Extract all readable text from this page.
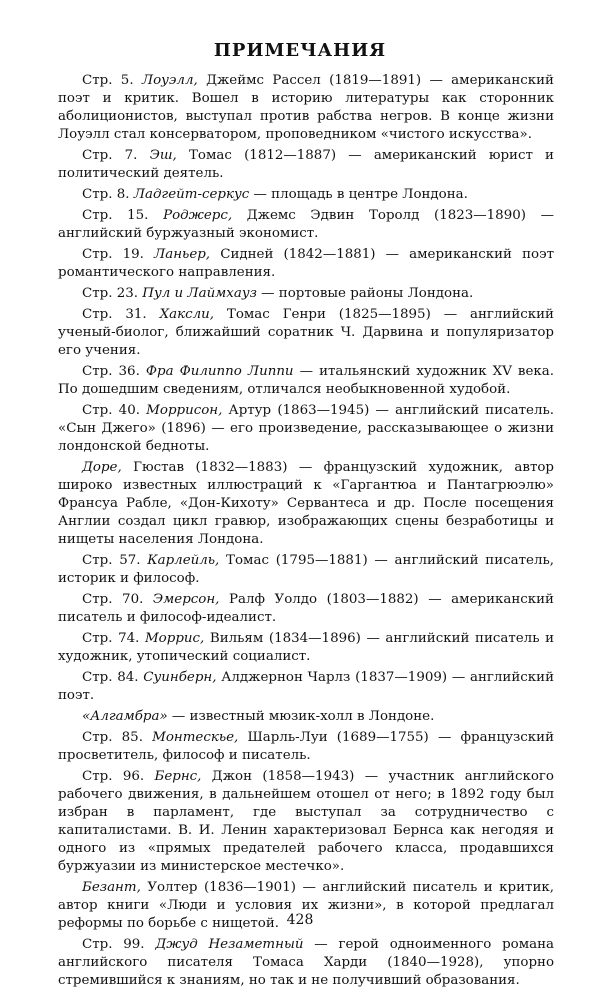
ПРИМЕЧАНИЯ

Стр. 5. Лоуэлл, Джеймс Рассел (1819—1891) — американский поэт и критик. Вошел в историю литературы как сторонник аболиционистов, выступал против рабства негров. В конце жизни Лоуэлл стал консерватором, проповедником «чистого искусства».

Стр. 7. Эш, Томас (1812—1887) — американский юрист и политический деятель.

Стр. 8. Ладгейт-серкус — площадь в центре Лондона.

Стр. 15. Роджерс, Джемс Эдвин Торолд (1823—1890) — английский буржуазный экономист.

Стр. 19. Ланьер, Сидней (1842—1881) — американский поэт романтического направления.

Стр. 23. Пул и Лаймхауз — портовые районы Лондона.

Стр. 31. Хаксли, Томас Генри (1825—1895) — английский ученый-биолог, ближайший соратник Ч. Дарвина и популяризатор его учения.

Стр. 36. Фра Филиппо Липпи — итальянский художник XV века. По дошедшим сведениям, отличался необыкновенной худобой.

Стр. 40. Моррисон, Артур (1863—1945) — английский писатель. «Сын Джего» (1896) — его произведение, рассказывающее о жизни лондонской бедноты.

Доре, Гюстав (1832—1883) — французский художник, автор широко известных иллюстраций к «Гаргантюа и Пантагрюэлю» Франсуа Рабле, «Дон-Кихоту» Сервантеса и др. После посещения Англии создал цикл гравюр, изображающих сцены безрабoтицы и нищеты населения Лондона.

Стр. 57. Карлейль, Томас (1795—1881) — английский писатель, историк и философ.

Стр. 70. Эмерсон, Ралф Уолдо (1803—1882) — американский писатель и философ-идеалист.

Стр. 74. Моррис, Вильям (1834—1896) — английский писатель и художник, утопический социалист.

Стр. 84. Суинберн, Алджернон Чарлз (1837—1909) — английский поэт.

«Алгамбра» — известный мюзик-холл в Лондоне.

Стр. 85. Монтескье, Шарль-Луи (1689—1755) — французский просветитель, философ и писатель.

Стр. 96. Бернс, Джон (1858—1943) — участник английского рабочего движения, в дальнейшем отошел от него; в 1892 году был избран в парламент, где выступал за сотрудничество с капиталистами. В. И. Ленин характеризовал Бернса как негодяя и одного из «прямых предателей рабочего класса, продавшихся буржуазии из министерское местечко».

Безант, Уолтер (1836—1901) — английский писатель и критик, автор книги «Люди и условия их жизни», в которой предлагал реформы по борьбе с нищетой.

Стр. 99. Джуд Незаметный — герой одноименного романа английского писателя Томаса Харди (1840—1928), упорно стремившийся к знаниям, но так и не получивший образования.

428
